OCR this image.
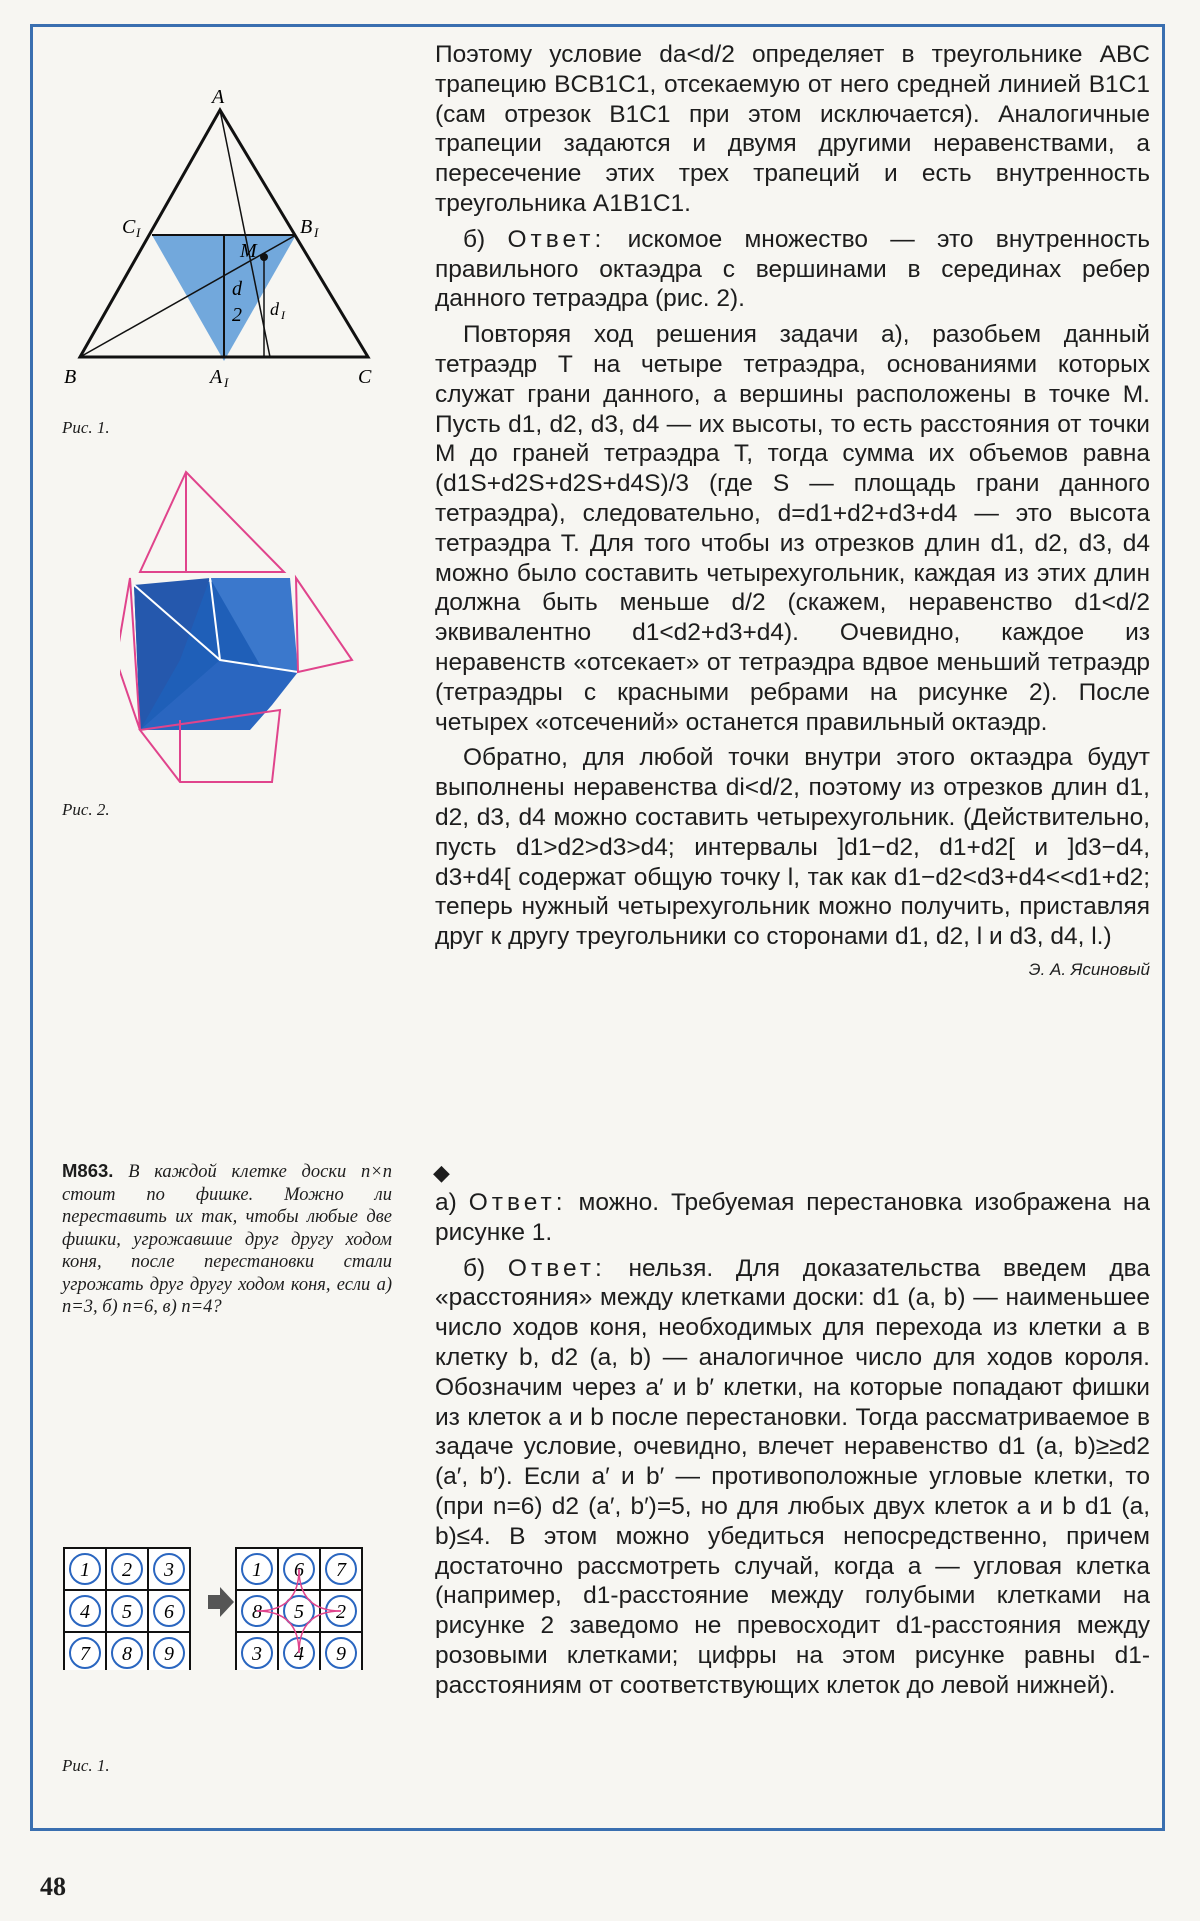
A
B	C
C I	B I
A I
M
d
2 d I
Рис. 1.
Рис. 2.

Поэтому условие da<d/2 определяет в треугольнике ABC трапецию BCB1C1, отсекаемую от него средней линией B1C1 (сам отрезок B1C1 при этом исключается). Аналогичные трапеции задаются и двумя другими неравенствами, а пересечение этих трех трапеций и есть внутренность треугольника A1B1C1.

б) Ответ: искомое множество — это внутренность правильного октаэдра с вершинами в серединах ребер данного тетраэдра (рис. 2).

Повторяя ход решения задачи а), разобьем данный тетраэдр T на четыре тетраэдра, основаниями которых служат грани данного, а вершины расположены в точке M. Пусть d1, d2, d3, d4 — их высоты, то есть расстояния от точки M до граней тетраэдра T, тогда сумма их объемов равна (d1S+d2S+d2S+d4S)/3 (где S — площадь грани данного тетраэдра), следовательно, d=d1+d2+d3+d4 — это высота тетраэдра T. Для того чтобы из отрезков длин d1, d2, d3, d4 можно было составить четырехугольник, каждая из этих длин должна быть меньше d/2 (скажем, неравенство d1<d/2 эквивалентно d1<d2+d3+d4). Очевидно, каждое из неравенств «отсекает» от тетраэдра вдвое меньший тетраэдр (тетраэдры с красными ребрами на рисунке 2). После четырех «отсечений» останется правильный октаэдр.

Обратно, для любой точки внутри этого октаэдра будут выполнены неравенства di<d/2, поэтому из отрезков длин d1, d2, d3, d4 можно составить четырехугольник. (Действительно, пусть d1>d2>d3>d4; интервалы ]d1−d2, d1+d2[ и ]d3−d4, d3+d4[ содержат общую точку l, так как d1−d2<d3+d4<<d1+d2; теперь нужный четырехугольник можно получить, приставляя друг к другу треугольники со сторонами d1, d2, l и d3, d4, l.)

Э. А. Ясиновый

М863. В каждой клетке доски n×n стоит по фишке. Можно ли переставить их так, чтобы любые две фишки, угрожавшие друг другу ходом коня, после перестановки стали угрожать друг другу ходом коня, если а) n=3, б) n=6, в) n=4?
◆

а) Ответ: можно. Требуемая перестановка изображена на рисунке 1.

б) Ответ: нельзя. Для доказательства введем два «расстояния» между клетками доски: d1 (a, b) — наименьшее число ходов коня, необходимых для перехода из клетки a в клетку b, d2 (a, b) — аналогичное число для ходов короля. Обозначим через a′ и b′ клетки, на которые попадают фишки из клеток a и b после перестановки. Тогда рассматриваемое в задаче условие, очевидно, влечет неравенство d1 (a, b)≥≥d2 (a′, b′). Если a′ и b′ — противоположные угловые клетки, то (при n=6) d2 (a′, b′)=5, но для любых двух клеток a и b d1 (a, b)≤4. В этом можно убедиться непосредственно, причем достаточно рассмотреть случай, когда a — угловая клетка (например, d1-расстояние между голубыми клетками на рисунке 2 заведомо не превосходит d1-расстояния между розовыми клетками; цифры на этом рисунке равны d1-расстояниям от соответствующих клеток до левой нижней).

1 2 3
4 5 6
7 8 9
1 6 7
8 5 2
3 4 9
Рис. 1.
48
